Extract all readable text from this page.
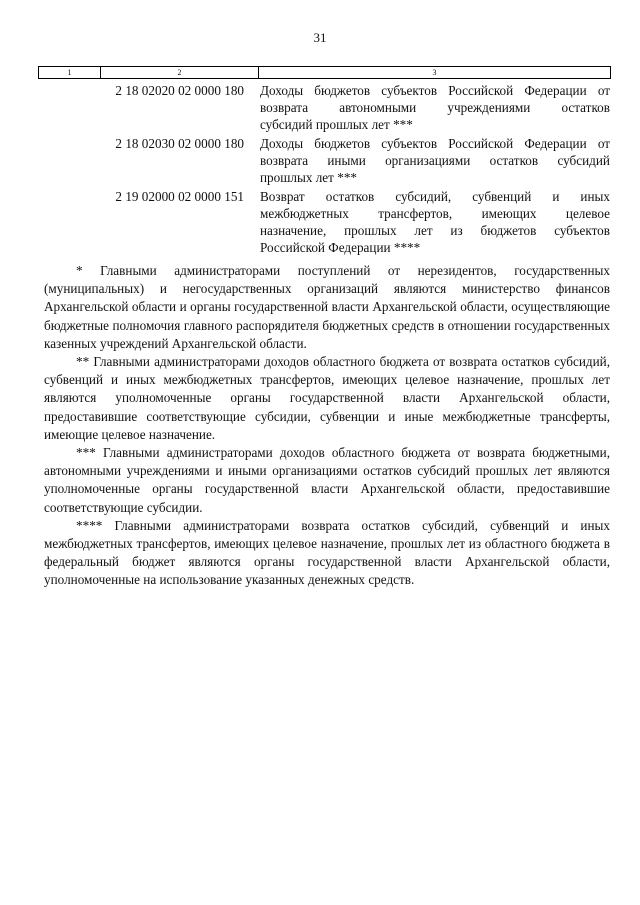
31
1	2	3
2 18 02020 02 0000 180	Доходы бюджетов субъектов Российской Федерации от
возврата автономными учреждениями остатков
субсидий прошлых лет ***
2 18 02030 02 0000 180	Доходы бюджетов субъектов Российской Федерации от
возврата иными организациями остатков субсидий
прошлых лет ***
2 19 02000 02 0000 151	Возврат остатков субсидий, субвенций и иных
межбюджетных трансфертов, имеющих целевое
назначение, прошлых лет из бюджетов субъектов
Российской Федерации ****

* Главными администраторами поступлений от нерезидентов, государственных (муниципальных) и негосударственных организаций являются министерство финансов Архангельской области и органы государственной власти Архангельской области, осуществляющие бюджетные полномочия главного распорядителя бюджетных средств в отношении государственных казенных учреждений Архангельской области.

** Главными администраторами доходов областного бюджета от возврата остатков субсидий, субвенций и иных межбюджетных трансфертов, имеющих целевое назначение, прошлых лет являются уполномоченные органы государственной власти Архангельской области, предоставившие соответствующие субсидии, субвенции и иные межбюджетные трансферты, имеющие целевое назначение.

*** Главными администраторами доходов областного бюджета от возврата бюджетными, автономными учреждениями и иными организациями остатков субсидий прошлых лет являются уполномоченные органы государственной власти Архангельской области, предоставившие соответствующие субсидии.

**** Главными администраторами возврата остатков субсидий, субвенций и иных межбюджетных трансфертов, имеющих целевое назначение, прошлых лет из областного бюджета в федеральный бюджет являются органы государственной власти Архангельской области, уполномоченные на использование указанных денежных средств.
